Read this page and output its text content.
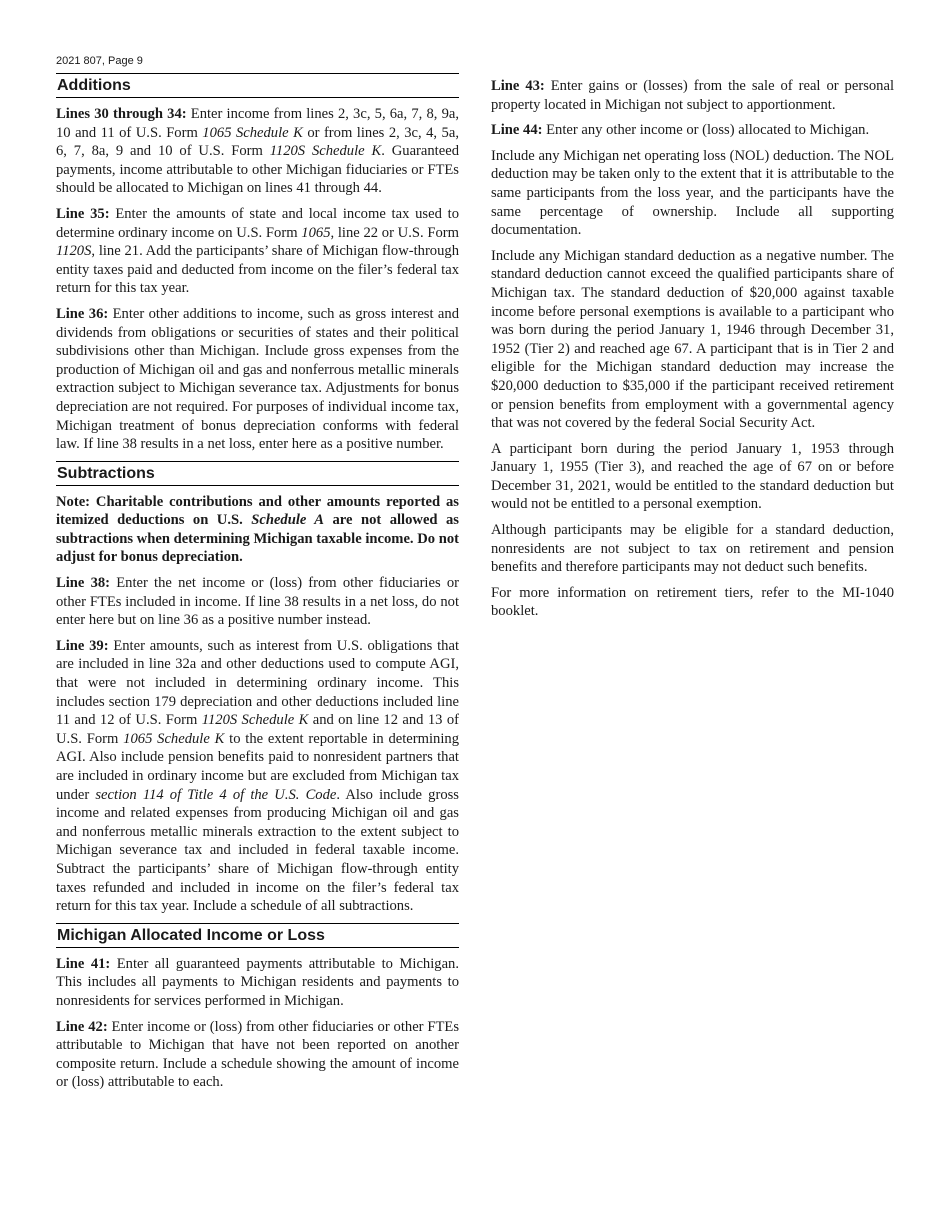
2021 807, Page 9
Additions

Lines 30 through 34: Enter income from lines 2, 3c, 5, 6a, 7, 8, 9a, 10 and 11 of U.S. Form 1065 Schedule K or from lines 2, 3c, 4, 5a, 6, 7, 8a, 9 and 10 of U.S. Form 1120S Schedule K. Guaranteed payments, income attributable to other Michigan fiduciaries or FTEs should be allocated to Michigan on lines 41 through 44.

Line 35: Enter the amounts of state and local income tax used to determine ordinary income on U.S. Form 1065, line 22 or U.S. Form 1120S, line 21. Add the participants’ share of Michigan flow-through entity taxes paid and deducted from income on the filer’s federal tax return for this tax year.

Line 36: Enter other additions to income, such as gross interest and dividends from obligations or securities of states and their political subdivisions other than Michigan. Include gross expenses from the production of Michigan oil and gas and nonferrous metallic minerals extraction subject to Michigan severance tax. Adjustments for bonus depreciation are not required. For purposes of individual income tax, Michigan treatment of bonus depreciation conforms with federal law. If line 38 results in a net loss, enter here as a positive number.

Subtractions

Note: Charitable contributions and other amounts reported as itemized deductions on U.S. Schedule A are not allowed as subtractions when determining Michigan taxable income. Do not adjust for bonus depreciation.

Line 38: Enter the net income or (loss) from other fiduciaries or other FTEs included in income. If line 38 results in a net loss, do not enter here but on line 36 as a positive number instead.

Line 39: Enter amounts, such as interest from U.S. obligations that are included in line 32a and other deductions used to compute AGI, that were not included in determining ordinary income. This includes section 179 depreciation and other deductions included line 11 and 12 of U.S. Form 1120S Schedule K and on line 12 and 13 of U.S. Form 1065 Schedule K to the extent reportable in determining AGI. Also include pension benefits paid to nonresident partners that are included in ordinary income but are excluded from Michigan tax under section 114 of Title 4 of the U.S. Code. Also include gross income and related expenses from producing Michigan oil and gas and nonferrous metallic minerals extraction to the extent subject to Michigan severance tax and included in federal taxable income. Subtract the participants’ share of Michigan flow-through entity taxes refunded and included in income on the filer’s federal tax return for this tax year. Include a schedule of all subtractions.

Michigan Allocated Income or Loss

Line 41: Enter all guaranteed payments attributable to Michigan. This includes all payments to Michigan residents and payments to nonresidents for services performed in Michigan.

Line 42: Enter income or (loss) from other fiduciaries or other FTEs attributable to Michigan that have not been reported on another composite return. Include a schedule showing the amount of income or (loss) attributable to each.

Line 43: Enter gains or (losses) from the sale of real or personal property located in Michigan not subject to apportionment.

Line 44: Enter any other income or (loss) allocated to Michigan.

Include any Michigan net operating loss (NOL) deduction. The NOL deduction may be taken only to the extent that it is attributable to the same participants from the loss year, and the participants have the same percentage of ownership. Include all supporting documentation.

Include any Michigan standard deduction as a negative number. The standard deduction cannot exceed the qualified participants share of Michigan tax. The standard deduction of $20,000 against taxable income before personal exemptions is available to a participant who was born during the period January 1, 1946 through December 31, 1952 (Tier 2) and reached age 67. A participant that is in Tier 2 and eligible for the Michigan standard deduction may increase the $20,000 deduction to $35,000 if the participant received retirement or pension benefits from employment with a governmental agency that was not covered by the federal Social Security Act.

A participant born during the period January 1, 1953 through January 1, 1955 (Tier 3), and reached the age of 67 on or before December 31, 2021, would be entitled to the standard deduction but would not be entitled to a personal exemption.

Although participants may be eligible for a standard deduction, nonresidents are not subject to tax on retirement and pension benefits and therefore participants may not deduct such benefits.

For more information on retirement tiers, refer to the MI-1040 booklet.
